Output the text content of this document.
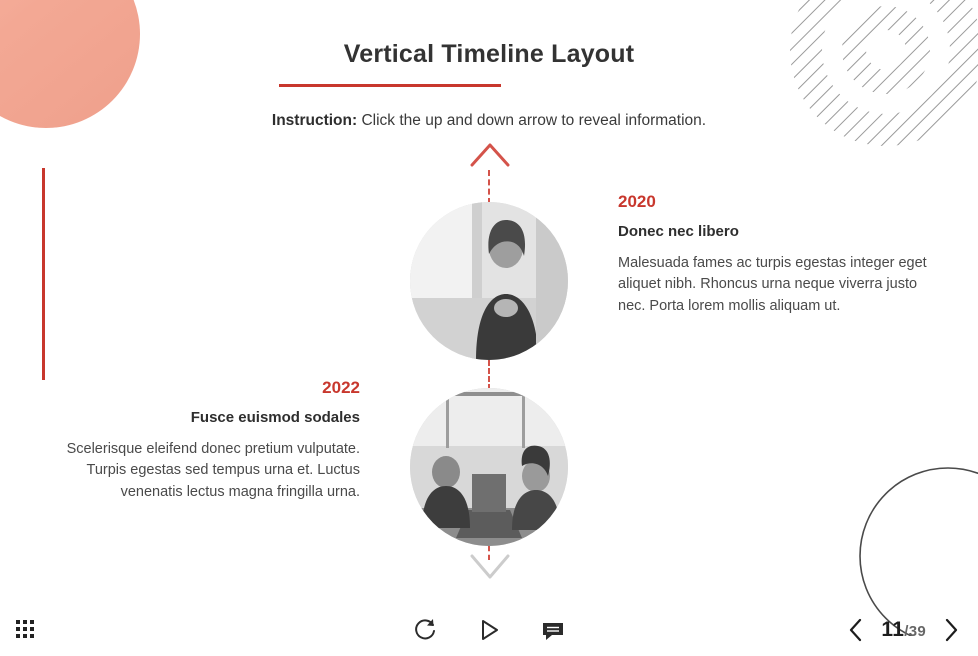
Vertical Timeline Layout
Instruction: Click the up and down arrow to reveal information.
2020
Donec nec libero
Malesuada fames ac turpis egestas integer eget aliquet nibh. Rhoncus urna neque viverra justo nec. Porta lorem mollis aliquam ut.
2022
Fusce euismod sodales
Scelerisque eleifend donec pretium vulputate. Turpis egestas sed tempus urna et. Luctus venenatis lectus magna fringilla urna.
11/39
